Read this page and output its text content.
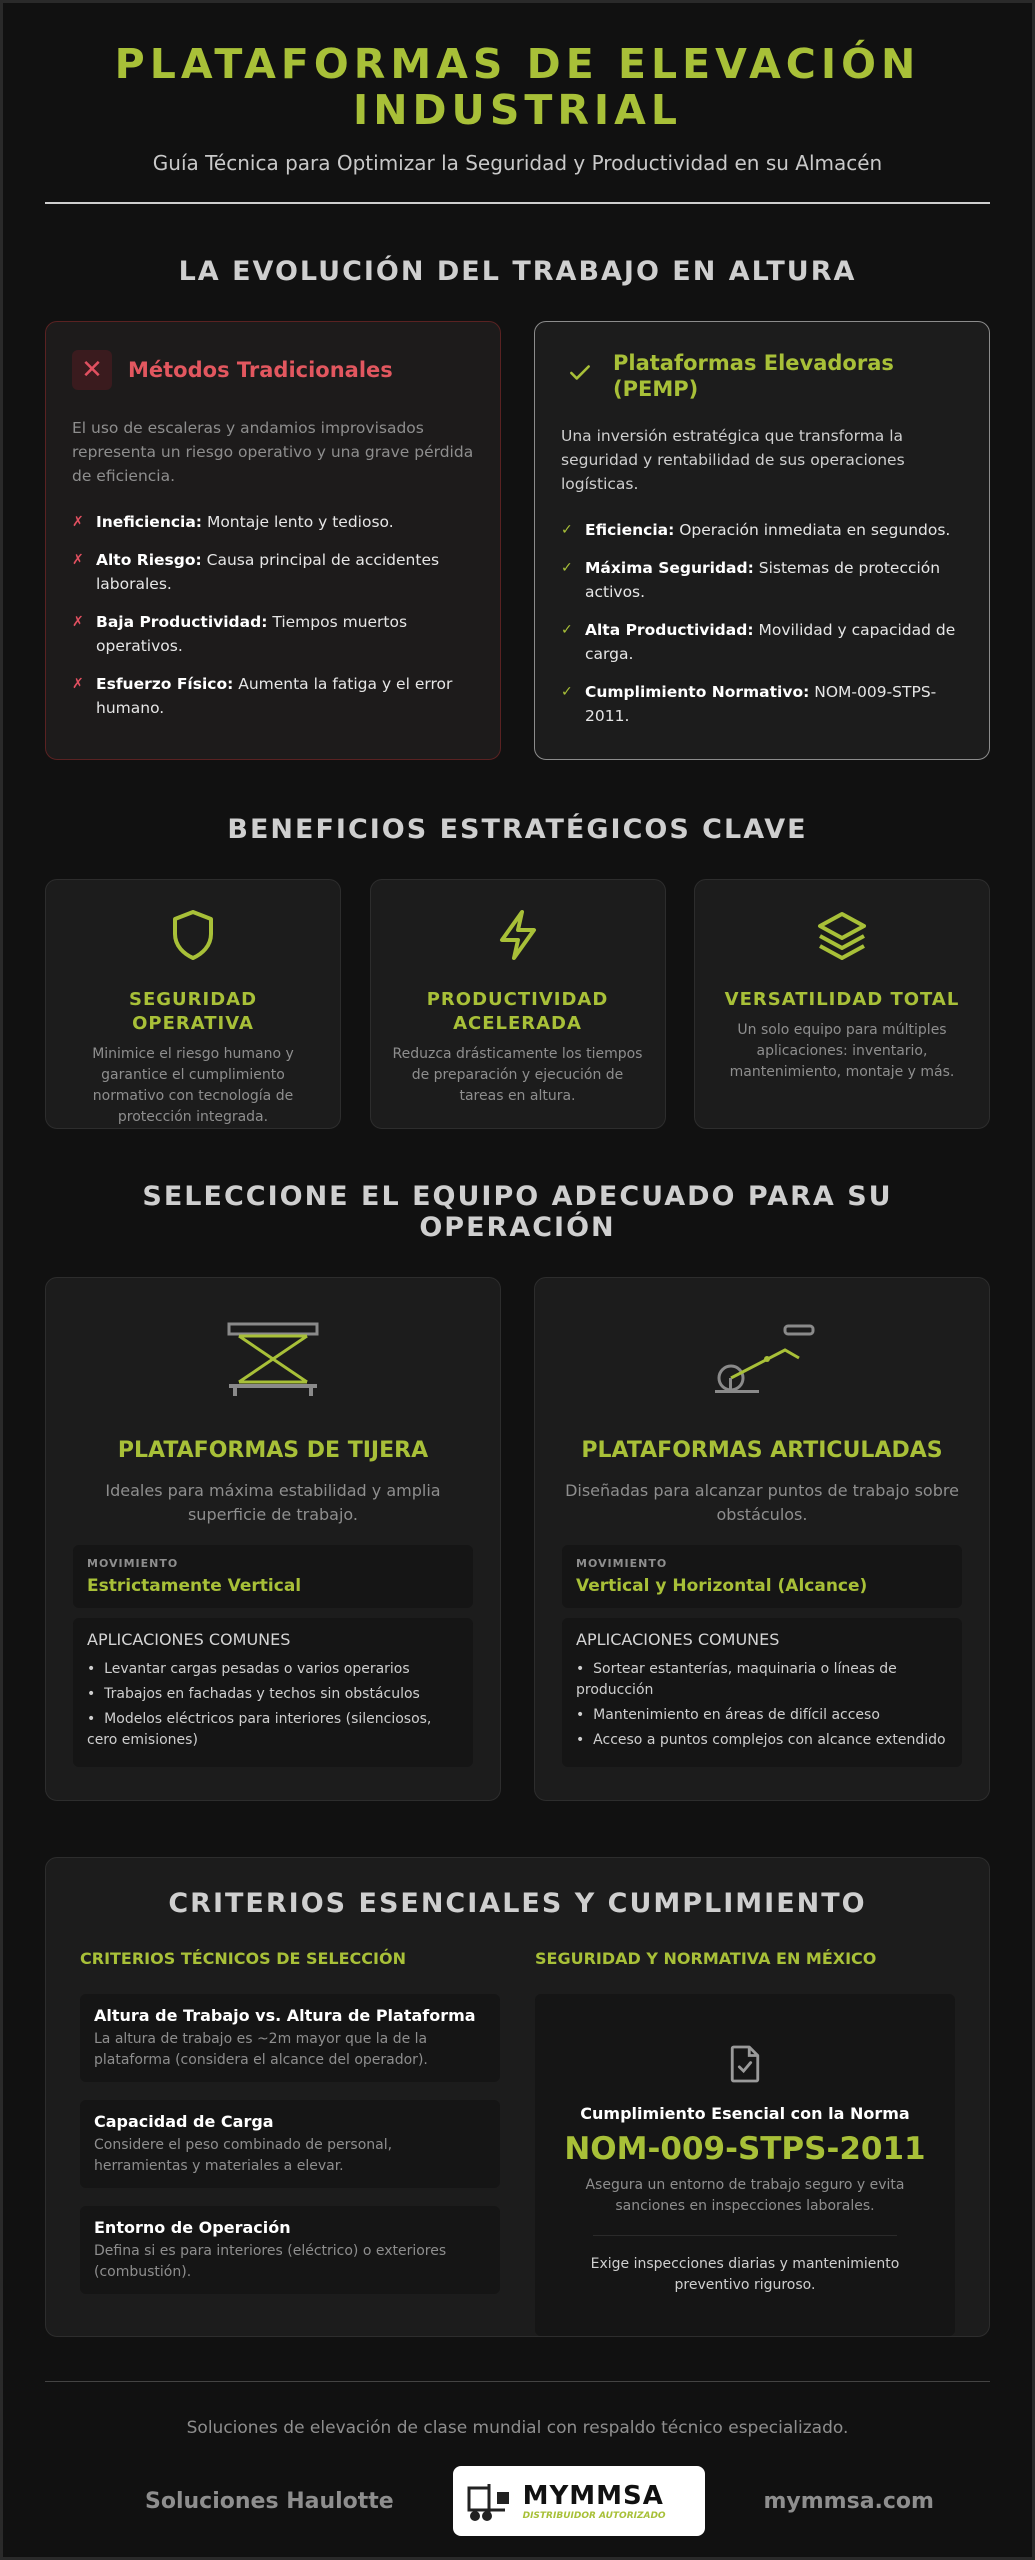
PLATAFORMAS DE ELEVACIÓN INDUSTRIAL
Guía Técnica para Optimizar la Seguridad y Productividad en su Almacén
LA EVOLUCIÓN DEL TRABAJO EN ALTURA
✕	Métodos Tradicionales

El uso de escaleras y andamios improvisados representa un riesgo operativo y una grave pérdida de eficiencia.

✗ Ineficiencia: Montaje lento y tedioso.
✗ Alto Riesgo: Causa principal de accidentes laborales.
✗ Baja Productividad: Tiempos muertos operativos.
✗ Esfuerzo Físico: Aumenta la fatiga y el error humano.
Plataformas Elevadoras (PEMP)

Una inversión estratégica que transforma la seguridad y rentabilidad de sus operaciones logísticas.

✓ Eficiencia: Operación inmediata en segundos.
✓ Máxima Seguridad: Sistemas de protección activos.
✓ Alta Productividad: Movilidad y capacidad de carga.
✓ Cumplimiento Normativo: NOM-009-STPS-2011.
BENEFICIOS ESTRATÉGICOS CLAVE
SEGURIDAD OPERATIVA

Minimice el riesgo humano y garantice el cumplimiento normativo con tecnología de protección integrada.

PRODUCTIVIDAD ACELERADA

Reduzca drásticamente los tiempos de preparación y ejecución de tareas en altura.

VERSATILIDAD TOTAL

Un solo equipo para múltiples aplicaciones: inventario, mantenimiento, montaje y más.

SELECCIONE EL EQUIPO ADECUADO PARA SU OPERACIÓN
PLATAFORMAS DE TIJERA

Ideales para máxima estabilidad y amplia superficie de trabajo.

MOVIMIENTO
Estrictamente Vertical
APLICACIONES COMUNES
•  Levantar cargas pesadas o varios operarios
•  Trabajos en fachadas y techos sin obstáculos
•  Modelos eléctricos para interiores (silenciosos, cero emisiones)
PLATAFORMAS ARTICULADAS

Diseñadas para alcanzar puntos de trabajo sobre obstáculos.

MOVIMIENTO
Vertical y Horizontal (Alcance)
APLICACIONES COMUNES
•  Sortear estanterías, maquinaria o líneas de producción
•  Mantenimiento en áreas de difícil acceso
•  Acceso a puntos complejos con alcance extendido
CRITERIOS ESENCIALES Y CUMPLIMIENTO
CRITERIOS TÉCNICOS DE SELECCIÓN
Altura de Trabajo vs. Altura de Plataforma
La altura de trabajo es ~2m mayor que la de la plataforma (considera el alcance del operador).
Capacidad de Carga
Considere el peso combinado de personal, herramientas y materiales a elevar.
Entorno de Operación
Defina si es para interiores (eléctrico) o exteriores (combustión).
SEGURIDAD Y NORMATIVA EN MÉXICO
Cumplimiento Esencial con la Norma
NOM-009-STPS-2011
Asegura un entorno de trabajo seguro y evita sanciones en inspecciones laborales.
Exige inspecciones diarias y mantenimiento preventivo riguroso.
Soluciones de elevación de clase mundial con respaldo técnico especializado.
Soluciones Haulotte	MYMMSA
DISTRIBUIDOR AUTORIZADO
mymmsa.com
